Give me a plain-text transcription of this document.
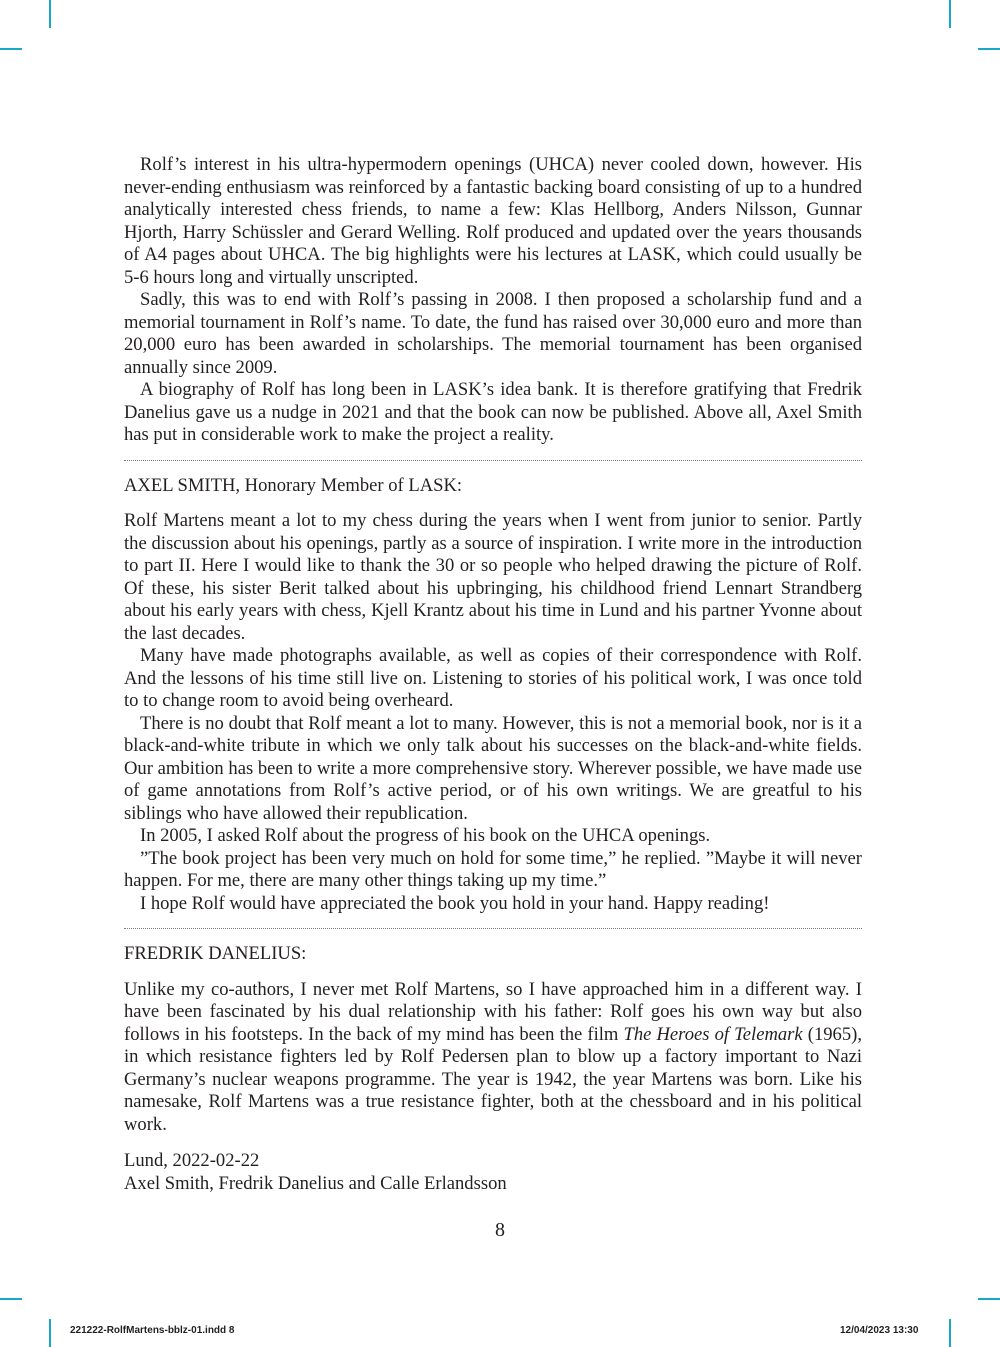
Rolf’s interest in his ultra-hypermodern openings (UHCA) never cooled down, however. His never-ending enthusiasm was reinforced by a fantastic backing board consisting of up to a hundred analytically interested chess friends, to name a few: Klas Hellborg, Anders Nilsson, Gunnar Hjorth, Harry Schüssler and Gerard Welling. Rolf produced and updated over the years thousands of A4 pages about UHCA. The big highlights were his lectures at LASK, which could usually be 5-6 hours long and virtually unscripted.

Sadly, this was to end with Rolf’s passing in 2008. I then proposed a scholarship fund and a memorial tournament in Rolf’s name. To date, the fund has raised over 30,000 euro and more than 20,000 euro has been awarded in scholarships. The memorial tournament has been organised annually since 2009.

A biography of Rolf has long been in LASK’s idea bank. It is therefore gratifying that Fredrik Danelius gave us a nudge in 2021 and that the book can now be published. Above all, Axel Smith has put in considerable work to make the project a reality.

AXEL SMITH, Honorary Member of LASK:

Rolf Martens meant a lot to my chess during the years when I went from junior to senior. Partly the discussion about his openings, partly as a source of inspiration. I write more in the introduction to part II. Here I would like to thank the 30 or so people who helped drawing the picture of Rolf. Of these, his sister Berit talked about his upbringing, his childhood friend Lennart Strandberg about his early years with chess, Kjell Krantz about his time in Lund and his partner Yvonne about the last decades.

Many have made photographs available, as well as copies of their correspondence with Rolf. And the lessons of his time still live on. Listening to stories of his political work, I was once told to to change room to avoid being overheard.

There is no doubt that Rolf meant a lot to many. However, this is not a memorial book, nor is it a black-and-white tribute in which we only talk about his successes on the black-and-white fields. Our ambition has been to write a more comprehensive story. Wherever possible, we have made use of game annotations from Rolf’s active period, or of his own writings. We are greatful to his siblings who have allowed their republication.

In 2005, I asked Rolf about the progress of his book on the UHCA openings.

”The book project has been very much on hold for some time,” he replied. ”Maybe it will never happen. For me, there are many other things taking up my time.”

I hope Rolf would have appreciated the book you hold in your hand. Happy reading!

FREDRIK DANELIUS:

Unlike my co-authors, I never met Rolf Martens, so I have approached him in a different way. I have been fascinated by his dual relationship with his father: Rolf goes his own way but also follows in his footsteps. In the back of my mind has been the film The Heroes of Telemark (1965), in which resistance fighters led by Rolf Pedersen plan to blow up a factory important to Nazi Germany’s nuclear weapons programme. The year is 1942, the year Martens was born. Like his namesake, Rolf Martens was a true resistance fighter, both at the chessboard and in his political work.

Lund, 2022-02-22

Axel Smith, Fredrik Danelius and Calle Erlandsson

8
221222-RolfMartens-bblz-01.indd 8	12/04/2023 13:30
